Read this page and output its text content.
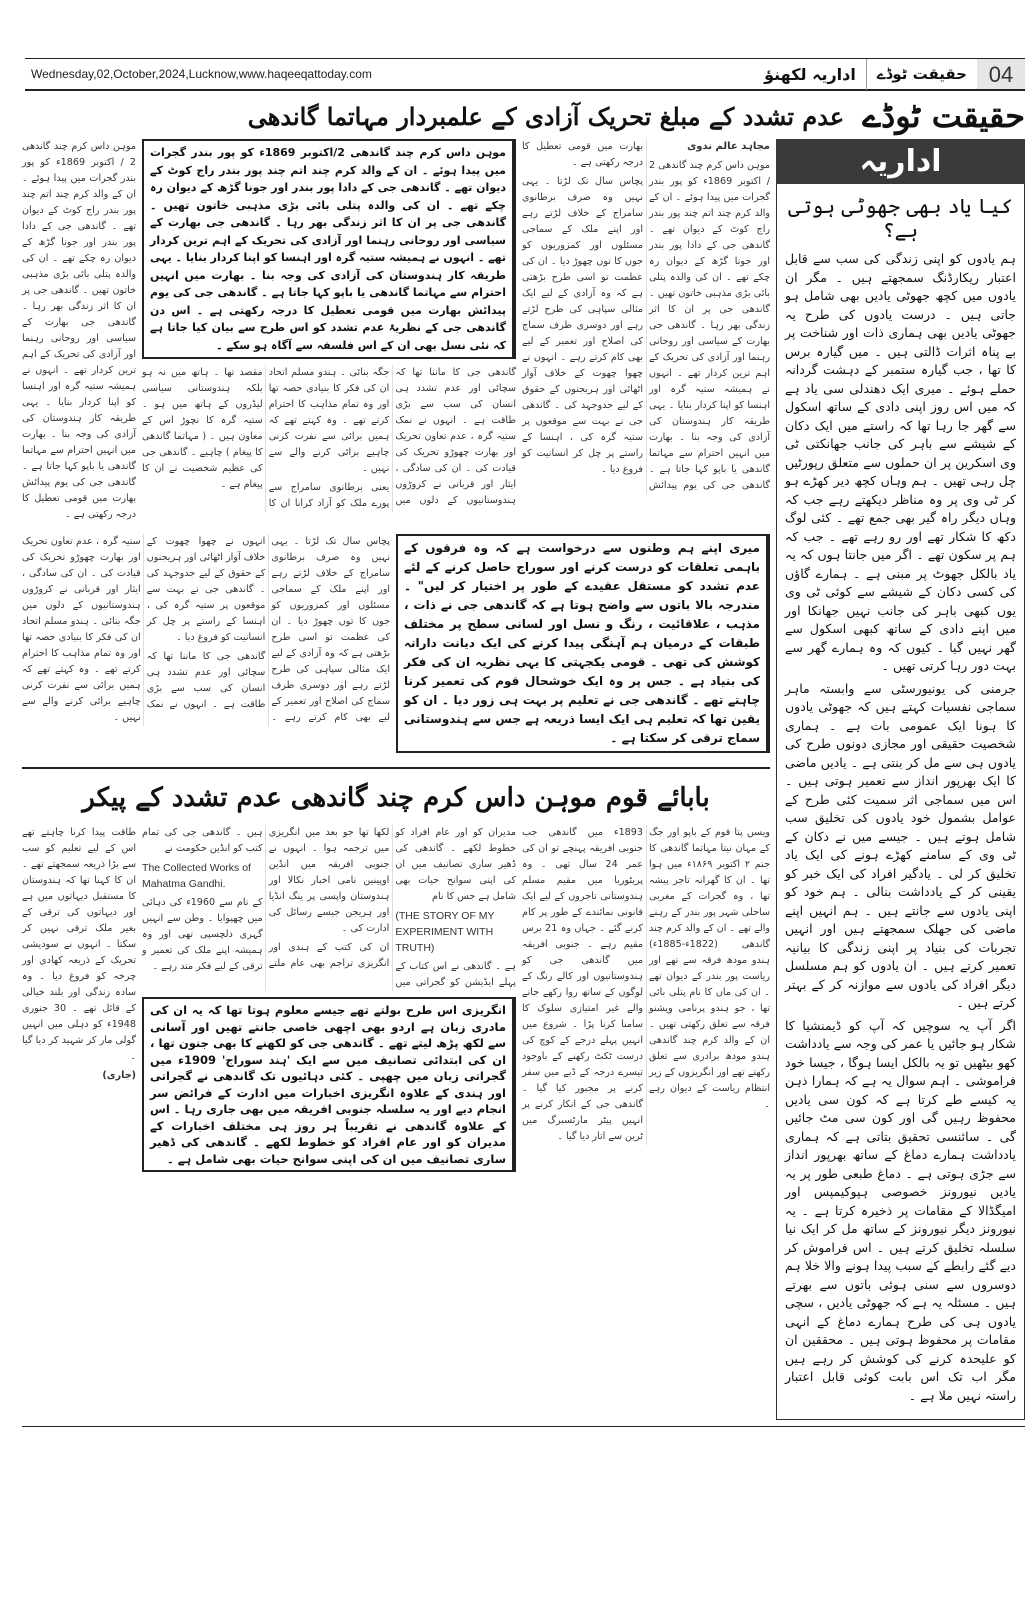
Wednesday,02,October,2024,Lucknow,www.haqeeqattoday.com	04
حقیقت ٹوڈے
اداریہ لکھنؤ
حقیقت ٹوڈے
عدم تشدد کے مبلغ تحریک آزادی کے علمبردار مہاتما گاندھی
اداریہ
کیا یاد بھی جھوٹی ہوتی ہے؟

ہم یادوں کو اپنی زندگی کی سب سے قابل اعتبار ریکارڈنگ سمجھتے ہیں ۔ مگر ان یادوں میں کچھ جھوٹی یادیں بھی شامل ہو جاتی ہیں ۔ درست یادوں کی طرح یہ جھوٹی یادیں بھی ہماری ذات اور شناخت پر بے پناہ اثرات ڈالتی ہیں ۔ میں گیارہ برس کا تھا ، جب گیارہ ستمبر کے دہشت گردانہ حملے ہوئے ۔ میری ایک دھندلی سی یاد ہے کہ میں اس روز اپنی دادی کے ساتھ اسکول سے گھر جا رہا تھا کہ راستے میں ایک دکان کے شیشے سے باہر کی جانب جھانکتی ٹی وی اسکرین پر ان حملوں سے متعلق رپورٹیں چل رہی تھیں ۔ ہم وہاں کچھ دیر کھڑے ہو کر ٹی وی پر وہ مناظر دیکھتے رہے جب کہ وہاں دیگر راہ گیر بھی جمع تھے ۔ کئی لوگ دکھ کا شکار تھے اور رو رہے تھے ۔ جب کہ ہم پر سکون تھے ۔ اگر میں جانتا ہوں کہ یہ یاد بالکل جھوٹ پر مبنی ہے ۔ ہمارے گاؤں کی کسی دکان کے شیشے سے کوئی ٹی وی یوں کبھی باہر کی جانب نہیں جھانکا اور میں اپنے دادی کے ساتھ کبھی اسکول سے گھر نہیں گیا ۔ کیوں کہ وہ ہمارے گھر سے بہت دور رہا کرتی تھیں ۔

جرمنی کی یونیورسٹی سے وابستہ ماہر سماجی نفسیات کہتے ہیں کہ جھوٹی یادوں کا ہونا ایک عمومی بات ہے ۔ ہماری شخصیت حقیقی اور مجازی دونوں طرح کی یادوں ہی سے مل کر بنتی ہے ۔ یادیں ماضی کا ایک بھرپور انداز سے تعمیر ہوتی ہیں ۔ اس میں سماجی اثر سمیت کئی طرح کے عوامل بشمول خود یادوں کی تخلیق سب شامل ہوتے ہیں ۔ جیسے میں نے دکان کے ٹی وی کے سامنے کھڑے ہونے کی ایک یاد تخلیق کر لی ۔ یادگیر افراد کی ایک خبر کو یقینی کر کے یادداشت بنالی ۔ ہم خود کو اپنی یادوں سے جانتے ہیں ۔ ہم انہیں اپنے ماضی کی جھلک سمجھتے ہیں اور انہیں تجربات کی بنیاد پر اپنی زندگی کا بیانیہ تعمیر کرتے ہیں ۔ ان یادوں کو ہم مسلسل دیگر افراد کی یادوں سے موازنہ کر کے بہتر کرتے ہیں ۔

اگر آپ یہ سوچیں کہ آپ کو ڈیمنشیا کا شکار ہو جائیں یا عمر کی وجہ سے یادداشت کھو بیٹھیں تو یہ بالکل ایسا ہوگا ، جیسا خود فراموشی ۔ اہم سوال یہ ہے کہ ہمارا ذہن یہ کیسے طے کرتا ہے کہ کون سی یادیں محفوظ رہیں گی اور کون سی مٹ جائیں گی ۔ سائنسی تحقیق بتاتی ہے کہ ہماری یادداشت ہمارے دماغ کے ساتھ بھرپور انداز سے جڑی ہوتی ہے ۔ دماغ طبعی طور پر یہ یادیں نیورونز خصوصی ہپوکیمپس اور امیگڈالا کے مقامات پر ذخیرہ کرتا ہے ۔ یہ نیورونز دیگر نیورونز کے ساتھ مل کر ایک نیا سلسلہ تخلیق کرتے ہیں ۔ اس فراموش کر دیے گئے رابطے کے سبب پیدا ہونے والا خلا ہم دوسروں سے سنی ہوئی باتوں سے بھرتے ہیں ۔ مسئلہ یہ ہے کہ جھوٹی یادیں ، سچی یادوں ہی کی طرح ہمارے دماغ کے انہی مقامات پر محفوظ ہوتی ہیں ۔ محققین ان کو علیحدہ کرنے کی کوشش کر رہے ہیں مگر اب تک اس بابت کوئی قابل اعتبار راستہ نہیں ملا ہے ۔

مجاہد عالم ندوی

موہن داس کرم چند گاندھی 2 / اکتوبر 1869ء کو پور بندر گجرات میں پیدا ہوئے ۔ ان کے والد کرم چند اتم چند پور بندر راج کوٹ کے دیوان تھے ۔ گاندھی جی کے دادا پور بندر اور جونا گڑھ کے دیوان رہ چکے تھے ۔ ان کی والدہ پتلی بائی بڑی مذہبی خاتون تھیں ۔ گاندھی جی پر ان کا اثر زندگی بھر رہا ۔ گاندھی جی بھارت کے سیاسی اور روحانی رہنما اور آزادی کی تحریک کے اہم ترین کردار تھے ۔ انہوں نے ہمیشہ ستیہ گرہ اور اہنسا کو اپنا کردار بنایا ۔ یہی طریقہ کار ہندوستان کی آزادی کی وجہ بنا ۔ بھارت میں انہیں احترام سے مہاتما گاندھی یا باپو کہا جاتا ہے ۔ گاندھی جی کی یوم پیدائش بھارت میں قومی تعطیل کا درجہ رکھتی ہے ۔

پچاس سال تک لڑتا ۔ یہی نہیں وہ صرف برطانوی سامراج کے خلاف لڑتے رہے اور اپنے ملک کے سماجی مسئلوں اور کمزوریوں کو جوں کا توں چھوڑ دیا ۔ ان کی عظمت تو اسی طرح بڑھتی ہے کہ وہ آزادی کے لیے ایک مثالی سپاہی کی طرح لڑتے رہے اور دوسری طرف سماج کی اصلاح اور تعمیر کے لیے بھی کام کرتے رہے ۔ انہوں نے چھوا چھوت کے خلاف آواز اٹھائی اور ہریجنوں کے حقوق کے لیے جدوجہد کی ۔ گاندھی جی نے بہت سے موقعوں پر ستیہ گرہ کی ، اہنسا کے راستے پر چل کر انسانیت کو فروغ دیا ۔

موہن داس کرم چند گاندھی 2/اکتوبر 1869ء کو پور بندر گجرات میں پیدا ہوئے ۔ ان کے والد کرم چند اتم چند پور بندر راج کوٹ کے دیوان تھے ۔ گاندھی جی کے دادا پور بندر اور جونا گڑھ کے دیوان رہ چکے تھے ۔ ان کی والدہ پتلی بائی بڑی مذہبی خاتون تھیں ۔ گاندھی جی پر ان کا اثر زندگی بھر رہا ۔ گاندھی جی بھارت کے سیاسی اور روحانی رہنما اور آزادی کی تحریک کے اہم ترین کردار تھے ۔ انہوں نے ہمیشہ ستیہ گرہ اور اہنسا کو اپنا کردار بنایا ۔ یہی طریقہ کار ہندوستان کی آزادی کی وجہ بنا ۔ بھارت میں انہیں احترام سے مہاتما گاندھی یا باپو کہا جاتا ہے ۔ گاندھی جی کی یوم پیدائش بھارت میں قومی تعطیل کا درجہ رکھتی ہے ۔ اس دن گاندھی جی کے نظریۂ عدم تشدد کو اس طرح سے بیان کیا جاتا ہے کہ نئی نسل بھی ان کے اس فلسفہ سے آگاہ ہو سکے ۔

گاندھی جی کا ماننا تھا کہ سچائی اور عدم تشدد ہی انسان کی سب سے بڑی طاقت ہے ۔ انہوں نے نمک ستیہ گرہ ، عدم تعاون تحریک اور بھارت چھوڑو تحریک کی قیادت کی ۔ ان کی سادگی ، ایثار اور قربانی نے کروڑوں ہندوستانیوں کے دلوں میں جگہ بنائی ۔ ہندو مسلم اتحاد ان کی فکر کا بنیادی حصہ تھا اور وہ تمام مذاہب کا احترام کرتے تھے ۔ وہ کہتے تھے کہ ہمیں برائی سے نفرت کرنی چاہیے برائی کرنے والے سے نہیں ۔

یعنی برطانوی سامراج سے پورے ملک کو آزاد کرانا ان کا مقصد تھا ۔ ہاتھ میں نہ ہو بلکہ ہندوستانی سیاسی لیڈروں کے ہاتھ میں ہو ۔ ستیہ گرہ کا نچوڑ اس کے معاون ہیں ۔ ( مہاتما گاندھی کا پیغام ) چاہیے ۔ گاندھی جی کی عظیم شخصیت نے ان کا پیغام ہے ۔

موہن داس کرم چند گاندھی 2 / اکتوبر 1869ء کو پور بندر گجرات میں پیدا ہوئے ۔ ان کے والد کرم چند اتم چند پور بندر راج کوٹ کے دیوان تھے ۔ گاندھی جی کے دادا پور بندر اور جونا گڑھ کے دیوان رہ چکے تھے ۔ ان کی والدہ پتلی بائی بڑی مذہبی خاتون تھیں ۔ گاندھی جی پر ان کا اثر زندگی بھر رہا ۔ گاندھی جی بھارت کے سیاسی اور روحانی رہنما اور آزادی کی تحریک کے اہم ترین کردار تھے ۔ انہوں نے ہمیشہ ستیہ گرہ اور اہنسا کو اپنا کردار بنایا ۔ یہی طریقہ کار ہندوستان کی آزادی کی وجہ بنا ۔ بھارت میں انہیں احترام سے مہاتما گاندھی یا باپو کہا جاتا ہے ۔ گاندھی جی کی یوم پیدائش بھارت میں قومی تعطیل کا درجہ رکھتی ہے ۔

میری اپنے ہم وطنوں سے درخواست ہے کہ وہ فرقوں کے باہمی تعلقات کو درست کرنے اور سوراج حاصل کرنے کے لئے عدم تشدد کو مستقل عقیدے کے طور پر اختیار کر لیں" ۔ مندرجہ بالا باتوں سے واضح ہوتا ہے کہ گاندھی جی نے ذات ، مذہب ، علاقائیت ، رنگ و نسل اور لسانی سطح پر مختلف طبقات کے درمیان ہم آہنگی پیدا کرنے کی ایک دیانت دارانہ کوشش کی تھی ۔ قومی یکجہتی کا یہی نظریہ ان کی فکر کی بنیاد ہے ۔ جس پر وہ ایک خوشحال قوم کی تعمیر کرنا چاہتے تھے ۔ گاندھی جی نے تعلیم پر بہت ہی زور دیا ۔ ان کو یقین تھا کہ تعلیم ہی ایک ایسا ذریعہ ہے جس سے ہندوستانی سماج ترقی کر سکتا ہے ۔

پچاس سال تک لڑتا ۔ یہی نہیں وہ صرف برطانوی سامراج کے خلاف لڑتے رہے اور اپنے ملک کے سماجی مسئلوں اور کمزوریوں کو جوں کا توں چھوڑ دیا ۔ ان کی عظمت تو اسی طرح بڑھتی ہے کہ وہ آزادی کے لیے ایک مثالی سپاہی کی طرح لڑتے رہے اور دوسری طرف سماج کی اصلاح اور تعمیر کے لیے بھی کام کرتے رہے ۔ انہوں نے چھوا چھوت کے خلاف آواز اٹھائی اور ہریجنوں کے حقوق کے لیے جدوجہد کی ۔ گاندھی جی نے بہت سے موقعوں پر ستیہ گرہ کی ، اہنسا کے راستے پر چل کر انسانیت کو فروغ دیا ۔

گاندھی جی کا ماننا تھا کہ سچائی اور عدم تشدد ہی انسان کی سب سے بڑی طاقت ہے ۔ انہوں نے نمک ستیہ گرہ ، عدم تعاون تحریک اور بھارت چھوڑو تحریک کی قیادت کی ۔ ان کی سادگی ، ایثار اور قربانی نے کروڑوں ہندوستانیوں کے دلوں میں جگہ بنائی ۔ ہندو مسلم اتحاد ان کی فکر کا بنیادی حصہ تھا اور وہ تمام مذاہب کا احترام کرتے تھے ۔ وہ کہتے تھے کہ ہمیں برائی سے نفرت کرنی چاہیے برائی کرنے والے سے نہیں ۔

بابائے قوم موہن داس کرم چند گاندھی عدم تشدد کے پیکر

ویسں پتا قوم کے باپو اور جگ کے مہان نیتا مہاتما گاندھی کا جنم ۲ اکتوبر ۱۸۶۹ء میں ہوا تھا ۔ ان کا گھرانہ تاجر پیشہ تھا ، وہ گجرات کے مغربی ساحلی شہر پور بندر کے رہنے والے تھے ۔ ان کے والد کرم چند گاندھی (1822ء-1885ء) ہندو مودھ فرقہ سے تھے اور ریاست پور بندر کے دیوان تھے ۔ ان کی ماں کا نام پتلی بائی تھا ، جو ہندو پرنامی ویشنو فرقہ سے تعلق رکھتی تھیں ۔ ان کے والد کرم چند گاندھی ہندو مودھ برادری سے تعلق رکھتے تھے اور انگریزوں کے زیر انتظام ریاست کے دیوان رہے ۔

1893ء میں گاندھی جب جنوبی افریقہ پہنچے تو ان کی عمر 24 سال تھی ۔ وہ پریٹوریا میں مقیم مسلم ہندوستانی تاجروں کے لیے ایک قانونی نمائندے کے طور پر کام کرنے گئے ۔ جہاں وہ 21 برس مقیم رہے ۔ جنوبی افریقہ میں گاندھی جی کو ہندوستانیوں اور کالے رنگ کے لوگوں کے ساتھ روا رکھے جانے والے غیر امتیازی سلوک کا سامنا کرنا پڑا ۔ شروع میں انہیں پہلے درجے کے کوچ کی درست ٹکٹ رکھنے کے باوجود تیسرے درجہ کے ڈبے میں سفر کرنے پر مجبور کیا گیا ۔ گاندھی جی کے انکار کرنے پر انہیں پیٹر مارٹسبرگ میں ٹرین سے اتار دیا گیا ۔

مدیران کو اور عام افراد کو خطوط لکھے ۔ گاندھی کی ڈھیر ساری تصانیف میں ان کی اپنی سوانح حیات بھی شامل ہے جس کا نام

(THE STORY OF MY EXPERIMENT WITH TRUTH)

ہے ۔ گاندھی نے اس کتاب کے پہلے ایڈیشن کو گجراتی میں لکھا تھا جو بعد میں انگریزی میں ترجمہ ہوا ۔ انہوں نے جنوبی افریقہ میں انڈین اوپینین نامی اخبار نکالا اور ہندوستان واپسی پر ینگ انڈیا اور ہریجن جیسے رسائل کی ادارت کی ۔

ان کی کتب کے ہندی اور انگریزی تراجم بھی عام ملتے ہیں ۔ گاندھی جی کی تمام کتب کو انڈین حکومت نے

The Collected Works of Mahatma Gandhi.

کے نام سے 1960ء کی دہائی میں چھپوایا ۔ وطن سے انہیں گہری دلچسپی تھی اور وہ ہمیشہ اپنے ملک کی تعمیر و ترقی کے لیے فکر مند رہے ۔

انگریزی اس طرح بولتے تھے جیسے معلوم ہوتا تھا کہ یہ ان کی مادری زبان ہے اردو بھی اچھی خاصی جانتے تھیں اور آسانی سے لکھ پڑھ لیتے تھے ۔ گاندھی جی کو لکھنے کا بھی جنون تھا ، ان کی ابتدائی تصانیف میں سے ایک 'ہند سوراج' 1909ء میں گجراتی زبان میں چھپی ۔ کئی دہائیوں تک گاندھی نے گجراتی اور ہندی کے علاوہ انگریزی اخبارات میں ادارت کے فرائض سر انجام دیے اور یہ سلسلہ جنوبی افریقہ میں بھی جاری رہا ۔ اس کے علاوہ گاندھی نے تقریباً ہر روز ہی مختلف اخبارات کے مدیران کو اور عام افراد کو خطوط لکھے ۔ گاندھی کی ڈھیر ساری تصانیف میں ان کی اپنی سوانح حیات بھی شامل ہے ۔

طاقت پیدا کرنا چاہتے تھے اس کے لیے تعلیم کو سب سے بڑا ذریعہ سمجھتے تھے ۔ ان کا کہنا تھا کہ ہندوستان کا مستقبل دیہاتوں میں ہے اور دیہاتوں کی ترقی کے بغیر ملک ترقی نہیں کر سکتا ۔ انہوں نے سودیشی تحریک کے ذریعہ کھادی اور چرخہ کو فروغ دیا ۔ وہ سادہ زندگی اور بلند خیالی کے قائل تھے ۔ 30 جنوری 1948ء کو دہلی میں انہیں گولی مار کر شہید کر دیا گیا ۔

(جاری)
